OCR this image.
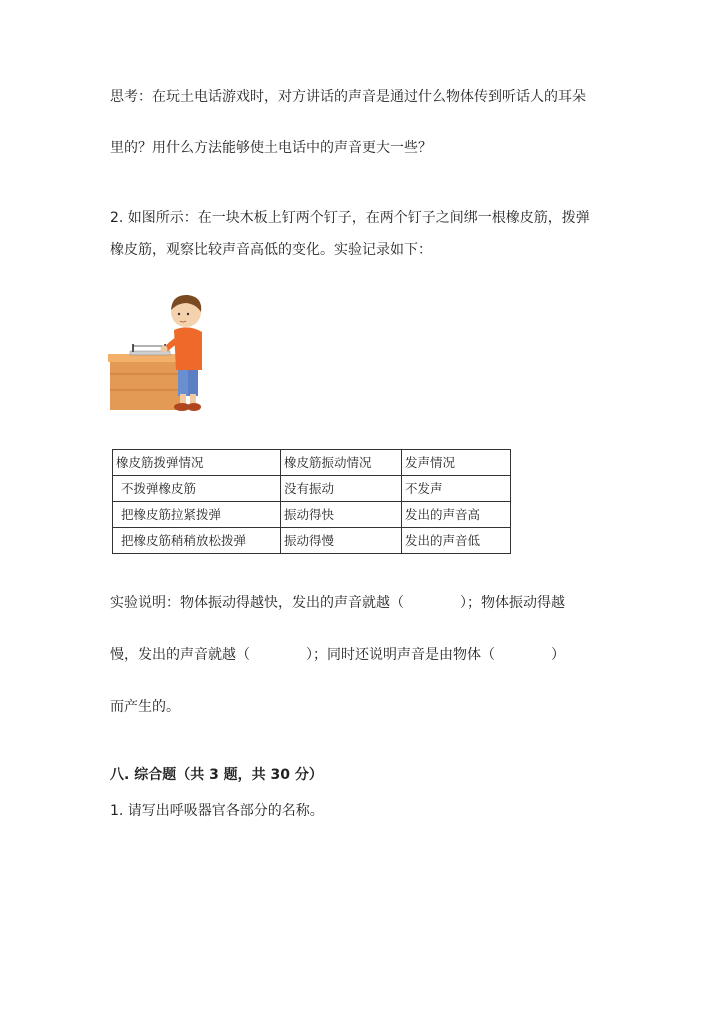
思考：在玩土电话游戏时，对方讲话的声音是通过什么物体传到听话人的耳朵
里的？用什么方法能够使土电话中的声音更大一些？
2. 如图所示：在一块木板上钉两个钉子，在两个钉子之间绑一根橡皮筋，拨弹
橡皮筋，观察比较声音高低的变化。实验记录如下：
橡皮筋拨弹情况	橡皮筋振动情况	发声情况
不拨弹橡皮筋	没有振动	不发声
把橡皮筋拉紧拨弹	振动得快	发出的声音高
把橡皮筋稍稍放松拨弹	振动得慢	发出的声音低
实验说明：物体振动得越快，发出的声音就越（　　　　）；物体振动得越
慢，发出的声音就越（　　　　）；同时还说明声音是由物体（　　　　）
而产生的。
八. 综合题（共 3 题，共 30 分）
1. 请写出呼吸器官各部分的名称。
